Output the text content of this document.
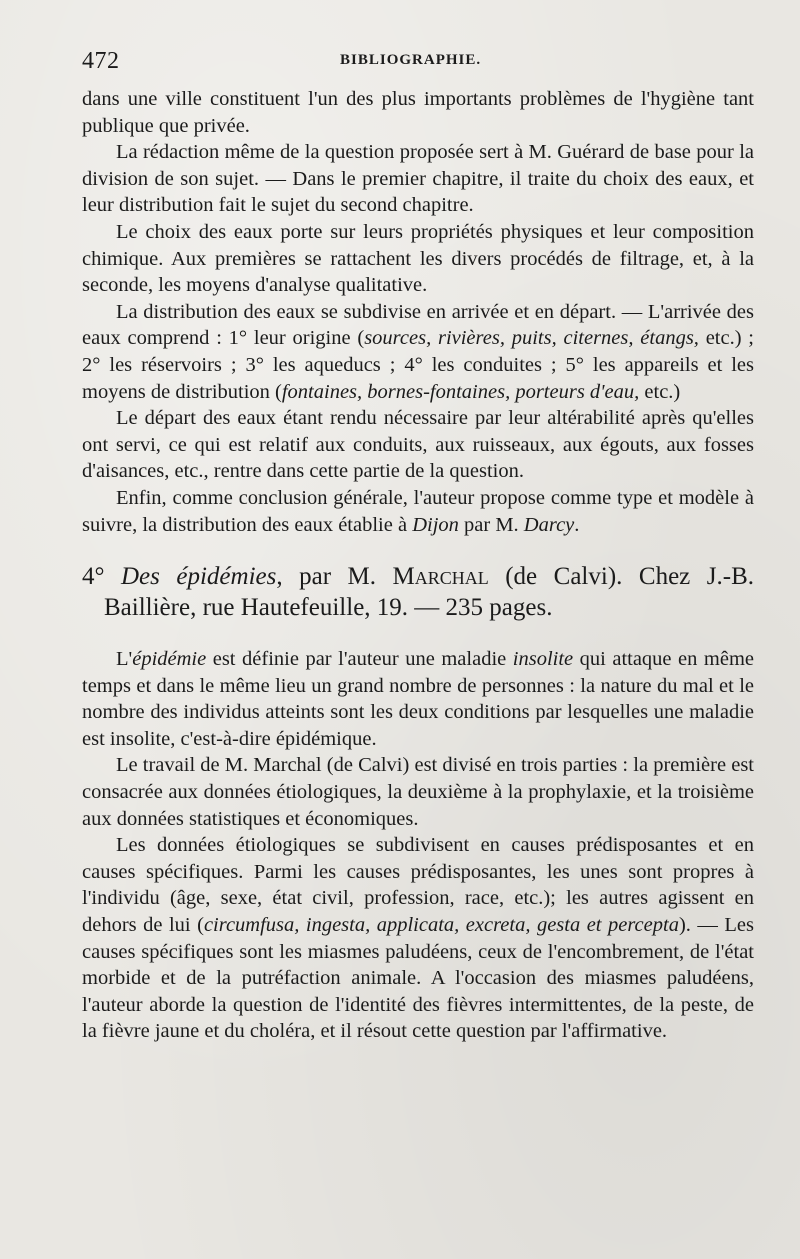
472	BIBLIOGRAPHIE.

dans une ville constituent l'un des plus importants problèmes de l'hygiène tant publique que privée.

La rédaction même de la question proposée sert à M. Guérard de base pour la division de son sujet. — Dans le premier chapitre, il traite du choix des eaux, et leur distribution fait le sujet du second chapitre.

Le choix des eaux porte sur leurs propriétés physiques et leur composition chimique. Aux premières se rattachent les divers procédés de filtrage, et, à la seconde, les moyens d'analyse qualitative.

La distribution des eaux se subdivise en arrivée et en départ. — L'arrivée des eaux comprend : 1° leur origine (sources, rivières, puits, citernes, étangs, etc.) ; 2° les réservoirs ; 3° les aqueducs ; 4° les conduites ; 5° les appareils et les moyens de distribution (fontaines, bornes-fontaines, porteurs d'eau, etc.)

Le départ des eaux étant rendu nécessaire par leur altérabilité après qu'elles ont servi, ce qui est relatif aux conduits, aux ruisseaux, aux égouts, aux fosses d'aisances, etc., rentre dans cette partie de la question.

Enfin, comme conclusion générale, l'auteur propose comme type et modèle à suivre, la distribution des eaux établie à Dijon par M. Darcy.

4° Des épidémies, par M. Marchal (de Calvi). Chez J.-B. Baillière, rue Hautefeuille, 19. — 235 pages.

L'épidémie est définie par l'auteur une maladie insolite qui attaque en même temps et dans le même lieu un grand nombre de personnes : la nature du mal et le nombre des individus atteints sont les deux conditions par lesquelles une maladie est insolite, c'est-à-dire épidémique.

Le travail de M. Marchal (de Calvi) est divisé en trois parties : la première est consacrée aux données étiologiques, la deuxième à la prophylaxie, et la troisième aux données statistiques et économiques.

Les données étiologiques se subdivisent en causes prédisposantes et en causes spécifiques. Parmi les causes prédisposantes, les unes sont propres à l'individu (âge, sexe, état civil, profession, race, etc.); les autres agissent en dehors de lui (circumfusa, ingesta, applicata, excreta, gesta et percepta). — Les causes spécifiques sont les miasmes paludéens, ceux de l'encombrement, de l'état morbide et de la putréfaction animale. A l'occasion des miasmes paludéens, l'auteur aborde la question de l'identité des fièvres intermittentes, de la peste, de la fièvre jaune et du choléra, et il résout cette question par l'affirmative.
